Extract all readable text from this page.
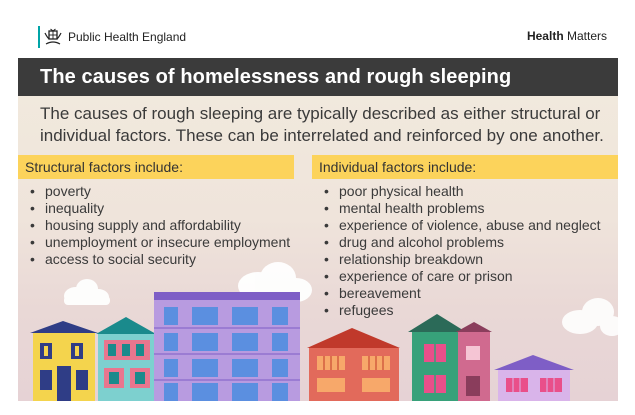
Public Health England	Health Matters
The causes of homelessness and rough sleeping
The causes of rough sleeping are typically described as either structural or individual factors. These can be interrelated and reinforced by one another.
Structural factors include:	Individual factors include:
• poverty
• inequality
• housing supply and affordability
• unemployment or insecure employment
• access to social security
• poor physical health
• mental health problems
• experience of violence, abuse and neglect
• drug and alcohol problems
• relationship breakdown
• experience of care or prison
• bereavement
• refugees
